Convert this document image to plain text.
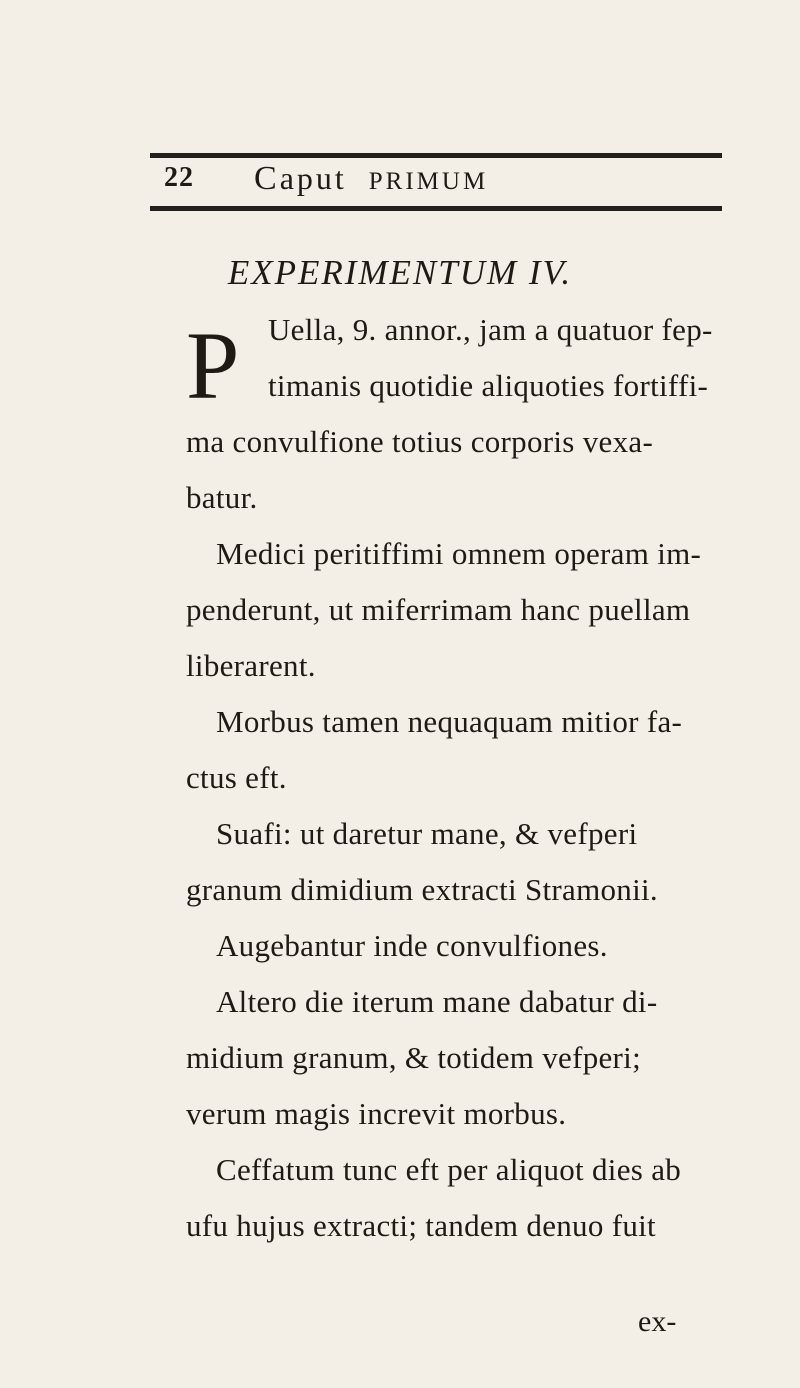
22 Caput PRIMUM
EXPERIMENTUM IV.
P Uella, 9. annor., jam a quatuor fep-
timanis quotidie aliquoties fortiffi-
ma convulfione totius corporis vexa-
batur.
Medici peritiffimi omnem operam im-
penderunt, ut miferrimam hanc puellam
liberarent.
Morbus tamen nequaquam mitior fa-
ctus eft.
Suafi: ut daretur mane, & vefperi
granum dimidium extracti Stramonii.
Augebantur inde convulfiones.
Altero die iterum mane dabatur di-
midium granum, & totidem vefperi;
verum magis increvit morbus.
Ceffatum tunc eft per aliquot dies ab
ufu hujus extracti; tandem denuo fuit
ex-
